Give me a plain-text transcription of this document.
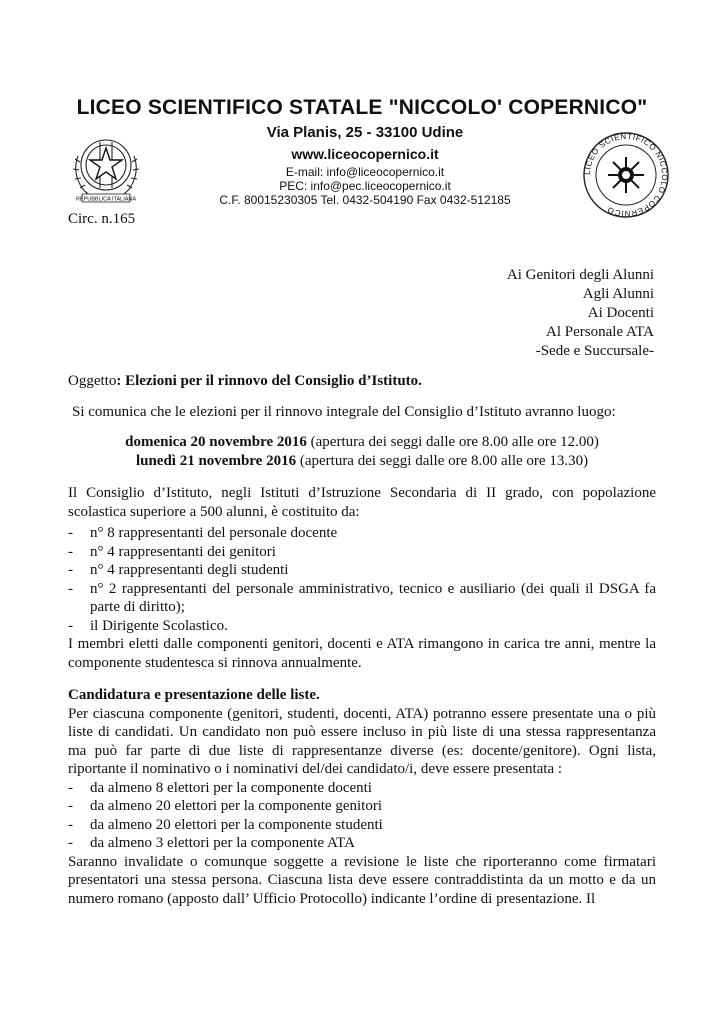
LICEO SCIENTIFICO STATALE "NICCOLO' COPERNICO"
REPUBBLICA ITALIANA
Via Planis, 25 - 33100 Udine
www.liceocopernico.it
E-mail: info@liceocopernico.it
PEC: info@pec.liceocopernico.it
C.F. 80015230305 Tel. 0432-504190 Fax 0432-512185
LICEO SCIENTIFICO NICCOLO COPERNICO
Circ. n.165
Ai Genitori degli Alunni
Agli Alunni
Ai Docenti
Al Personale ATA
-Sede e Succursale-

Oggetto: Elezioni per il rinnovo del Consiglio d’Istituto.

Si comunica che le elezioni per il rinnovo integrale del Consiglio d’Istituto avranno luogo:

domenica 20 novembre 2016 (apertura dei seggi dalle ore 8.00 alle ore 12.00)
lunedì 21 novembre 2016 (apertura dei seggi dalle ore 8.00 alle ore 13.30)

Il Consiglio d’Istituto, negli Istituti d’Istruzione Secondaria di II grado, con popolazione scolastica superiore a 500 alunni, è costituito da:

- n° 8 rappresentanti del personale docente
- n° 4 rappresentanti dei genitori
- n° 4 rappresentanti degli studenti
- n° 2 rappresentanti del personale amministrativo, tecnico e ausiliario (dei quali il DSGA fa parte di diritto);
- il Dirigente Scolastico.

I membri eletti dalle componenti genitori, docenti e ATA rimangono in carica tre anni, mentre la componente studentesca si rinnova annualmente.

Candidatura e presentazione delle liste.

Per ciascuna componente (genitori, studenti, docenti, ATA) potranno essere presentate una o più liste di candidati. Un candidato non può essere incluso in più liste di una stessa rappresentanza ma può far parte di due liste di rappresentanze diverse (es: docente/genitore). Ogni lista, riportante il nominativo o i nominativi del/dei candidato/i, deve essere presentata :

- da almeno 8 elettori per la componente docenti
- da almeno 20 elettori per la componente genitori
- da almeno 20 elettori per la componente studenti
- da almeno 3 elettori per la componente ATA

Saranno invalidate o comunque soggette a revisione le liste che riporteranno come firmatari presentatori una stessa persona. Ciascuna lista deve essere contraddistinta da un motto e da un numero romano (apposto dall’ Ufficio Protocollo) indicante l’ordine di presentazione. Il
